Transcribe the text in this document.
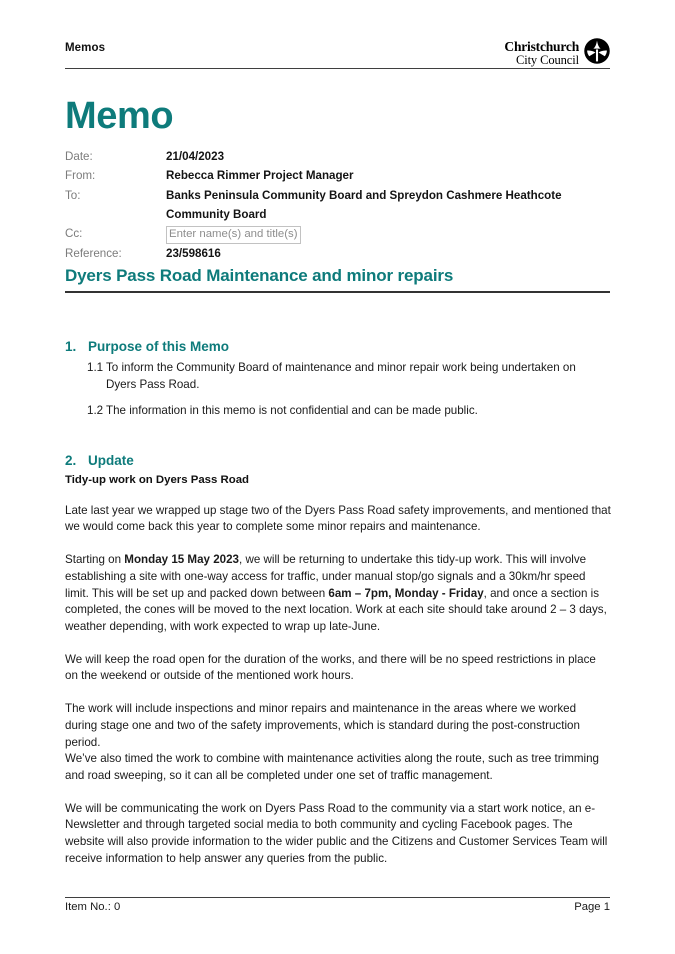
Memos	Christchurch
City Council
Memo
Date:	21/04/2023
From:	Rebecca Rimmer Project Manager
To:	Banks Peninsula Community Board and Spreydon Cashmere Heathcote Community Board
Cc:	Enter name(s) and title(s)
Reference:	23/598616
Dyers Pass Road Maintenance and minor repairs
1. Purpose of this Memo
1.1 To inform the Community Board of maintenance and minor repair work being undertaken on Dyers Pass Road.
1.2 The information in this memo is not confidential and can be made public.
2. Update
Tidy-up work on Dyers Pass Road

Late last year we wrapped up stage two of the Dyers Pass Road safety improvements, and mentioned that we would come back this year to complete some minor repairs and maintenance.

Starting on Monday 15 May 2023, we will be returning to undertake this tidy-up work. This will involve establishing a site with one-way access for traffic, under manual stop/go signals and a 30km/hr speed limit. This will be set up and packed down between 6am – 7pm, Monday - Friday, and once a section is completed, the cones will be moved to the next location. Work at each site should take around 2 – 3 days, weather depending, with work expected to wrap up late-June.

We will keep the road open for the duration of the works, and there will be no speed restrictions in place on the weekend or outside of the mentioned work hours.

The work will include inspections and minor repairs and maintenance in the areas where we worked during stage one and two of the safety improvements, which is standard during the post-construction period.

We’ve also timed the work to combine with maintenance activities along the route, such as tree trimming and road sweeping, so it can all be completed under one set of traffic management.

We will be communicating the work on Dyers Pass Road to the community via a start work notice, an e-Newsletter and through targeted social media to both community and cycling Facebook pages. The website will also provide information to the wider public and the Citizens and Customer Services Team will receive information to help answer any queries from the public.

Item No.: 0	Page 1
